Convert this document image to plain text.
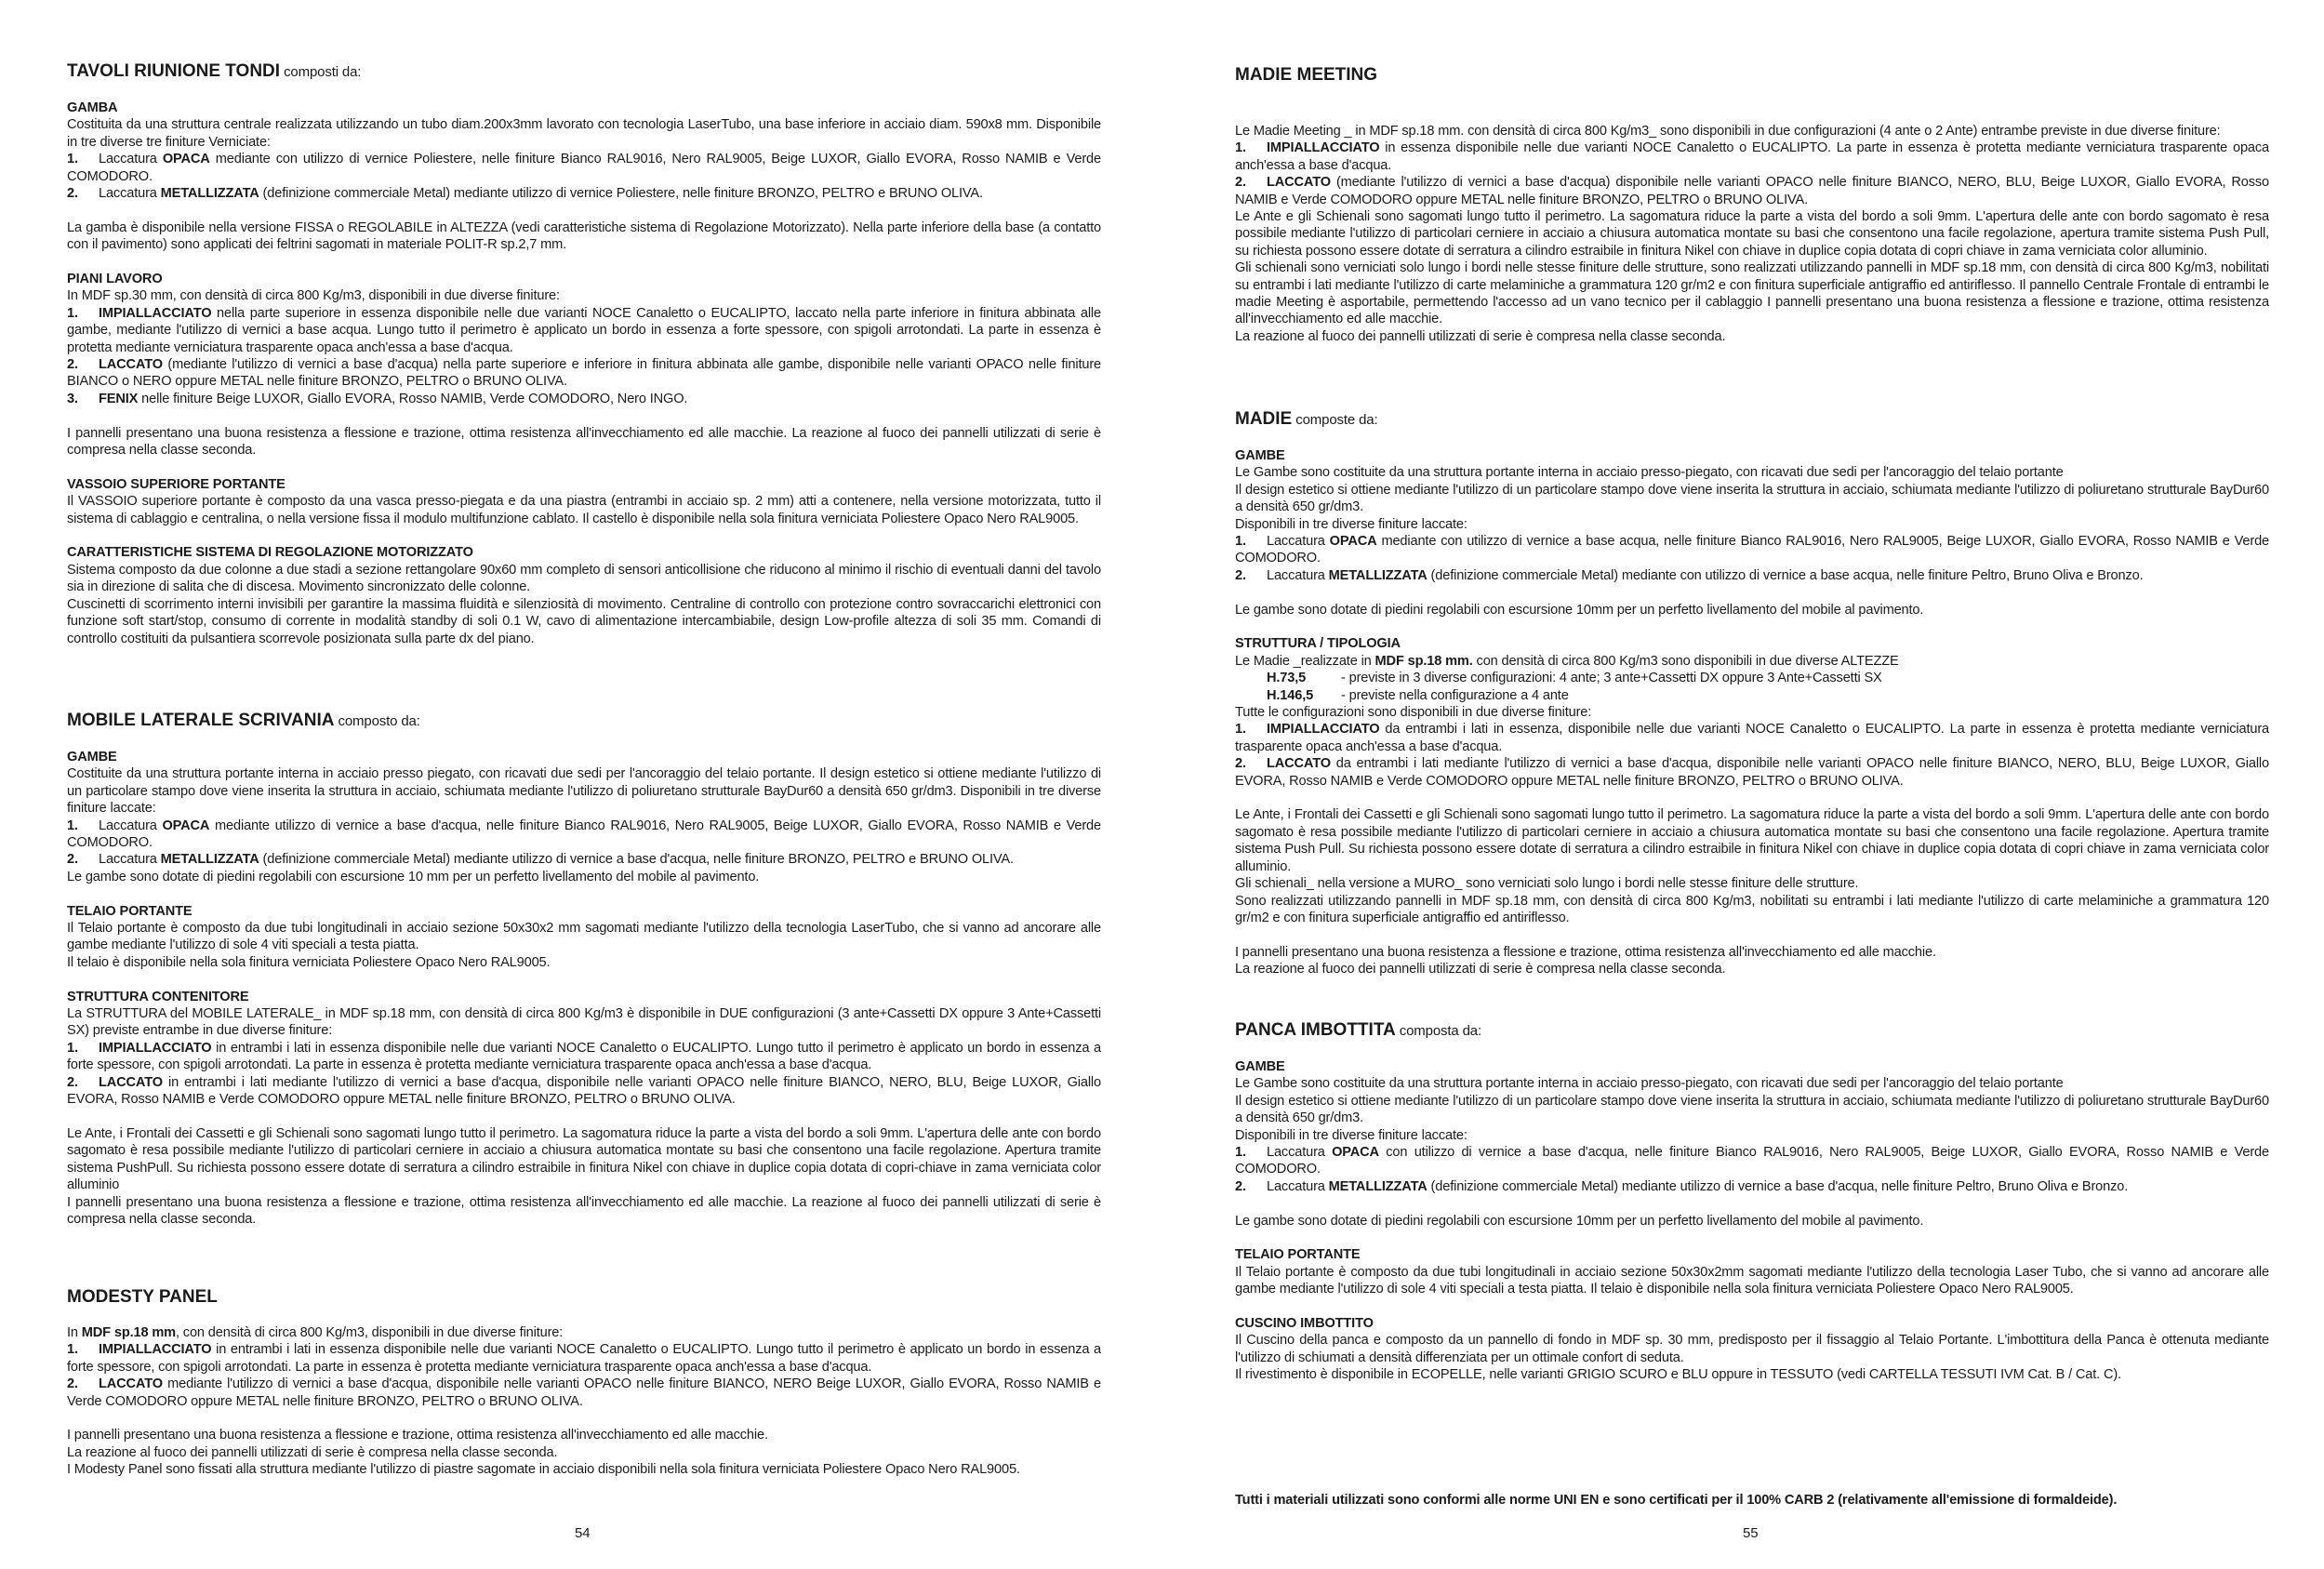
TAVOLI RIUNIONE TONDI composti da:
GAMBA
Costituita da una struttura centrale realizzata utilizzando un tubo diam.200x3mm lavorato con tecnologia LaserTubo, una base inferiore in acciaio diam. 590x8 mm. Disponibile in tre diverse tre finiture Verniciate:
1. Laccatura OPACA mediante con utilizzo di vernice Poliestere, nelle finiture Bianco RAL9016, Nero RAL9005, Beige LUXOR, Giallo EVORA, Rosso NAMIB e Verde COMODORO.
2. Laccatura METALLIZZATA (definizione commerciale Metal) mediante utilizzo di vernice Poliestere, nelle finiture BRONZO, PELTRO e BRUNO OLIVA.
La gamba è disponibile nella versione FISSA o REGOLABILE in ALTEZZA (vedi caratteristiche sistema di Regolazione Motorizzato). Nella parte inferiore della base (a contatto con il pavimento) sono applicati dei feltrini sagomati in materiale POLIT-R sp.2,7 mm.
PIANI LAVORO
In MDF sp.30 mm, con densità di circa 800 Kg/m3, disponibili in due diverse finiture:
1. IMPIALLACCIATO nella parte superiore in essenza disponibile nelle due varianti NOCE Canaletto o EUCALIPTO, laccato nella parte inferiore in finitura abbinata alle gambe, mediante l'utilizzo di vernici a base acqua. Lungo tutto il perimetro è applicato un bordo in essenza a forte spessore, con spigoli arrotondati. La parte in essenza è protetta mediante verniciatura trasparente opaca anch'essa a base d'acqua.
2. LACCATO (mediante l'utilizzo di vernici a base d'acqua) nella parte superiore e inferiore in finitura abbinata alle gambe, disponibile nelle varianti OPACO nelle finiture BIANCO o NERO oppure METAL nelle finiture BRONZO, PELTRO o BRUNO OLIVA.
3. FENIX nelle finiture Beige LUXOR, Giallo EVORA, Rosso NAMIB, Verde COMODORO, Nero INGO.
I pannelli presentano una buona resistenza a flessione e trazione, ottima resistenza all'invecchiamento ed alle macchie. La reazione al fuoco dei pannelli utilizzati di serie è compresa nella classe seconda.
VASSOIO SUPERIORE PORTANTE
Il VASSOIO superiore portante è composto da una vasca presso-piegata e da una piastra (entrambi in acciaio sp. 2 mm) atti a contenere, nella versione motorizzata, tutto il sistema di cablaggio e centralina, o nella versione fissa il modulo multifunzione cablato. Il castello è disponibile nella sola finitura verniciata Poliestere Opaco Nero RAL9005.
CARATTERISTICHE SISTEMA DI REGOLAZIONE MOTORIZZATO
Sistema composto da due colonne a due stadi a sezione rettangolare 90x60 mm completo di sensori anticollisione che riducono al minimo il rischio di eventuali danni del tavolo sia in direzione di salita che di discesa. Movimento sincronizzato delle colonne.
Cuscinetti di scorrimento interni invisibili per garantire la massima fluidità e silenziosità di movimento. Centraline di controllo con protezione contro sovraccarichi elettronici con funzione soft start/stop, consumo di corrente in modalità standby di soli 0.1 W, cavo di alimentazione intercambiabile, design Low-profile altezza di soli 35 mm. Comandi di controllo costituiti da pulsantiera scorrevole posizionata sulla parte dx del piano.
MOBILE LATERALE SCRIVANIA composto da:
GAMBE
Costituite da una struttura portante interna in acciaio presso piegato, con ricavati due sedi per l'ancoraggio del telaio portante. Il design estetico si ottiene mediante l'utilizzo di un particolare stampo dove viene inserita la struttura in acciaio, schiumata mediante l'utilizzo di poliuretano strutturale BayDur60 a densità 650 gr/dm3. Disponibili in tre diverse finiture laccate:
1. Laccatura OPACA mediante utilizzo di vernice a base d'acqua, nelle finiture Bianco RAL9016, Nero RAL9005, Beige LUXOR, Giallo EVORA, Rosso NAMIB e Verde COMODORO.
2. Laccatura METALLIZZATA (definizione commerciale Metal) mediante utilizzo di vernice a base d'acqua, nelle finiture BRONZO, PELTRO e BRUNO OLIVA.
Le gambe sono dotate di piedini regolabili con escursione 10 mm per un perfetto livellamento del mobile al pavimento.
TELAIO PORTANTE
Il Telaio portante è composto da due tubi longitudinali in acciaio sezione 50x30x2 mm sagomati mediante l'utilizzo della tecnologia LaserTubo, che si vanno ad ancorare alle gambe mediante l'utilizzo di sole 4 viti speciali a testa piatta.
Il telaio è disponibile nella sola finitura verniciata Poliestere Opaco Nero RAL9005.
STRUTTURA CONTENITORE
La STRUTTURA del MOBILE LATERALE_ in MDF sp.18 mm, con densità di circa 800 Kg/m3 è disponibile in DUE configurazioni (3 ante+Cassetti DX oppure 3 Ante+Cassetti SX) previste entrambe in due diverse finiture:
1. IMPIALLACCIATO in entrambi i lati in essenza disponibile nelle due varianti NOCE Canaletto o EUCALIPTO. Lungo tutto il perimetro è applicato un bordo in essenza a forte spessore, con spigoli arrotondati. La parte in essenza è protetta mediante verniciatura trasparente opaca anch'essa a base d'acqua.
2. LACCATO in entrambi i lati mediante l'utilizzo di vernici a base d'acqua, disponibile nelle varianti OPACO nelle finiture BIANCO, NERO, BLU, Beige LUXOR, Giallo EVORA, Rosso NAMIB e Verde COMODORO oppure METAL nelle finiture BRONZO, PELTRO o BRUNO OLIVA.
Le Ante, i Frontali dei Cassetti e gli Schienali sono sagomati lungo tutto il perimetro. La sagomatura riduce la parte a vista del bordo a soli 9mm. L'apertura delle ante con bordo sagomato è resa possibile mediante l'utilizzo di particolari cerniere in acciaio a chiusura automatica montate su basi che consentono una facile regolazione. Apertura tramite sistema PushPull. Su richiesta possono essere dotate di serratura a cilindro estraibile in finitura Nikel con chiave in duplice copia dotata di copri-chiave in zama verniciata color alluminio
I pannelli presentano una buona resistenza a flessione e trazione, ottima resistenza all'invecchiamento ed alle macchie. La reazione al fuoco dei pannelli utilizzati di serie è compresa nella classe seconda.
MODESTY PANEL
In MDF sp.18 mm, con densità di circa 800 Kg/m3, disponibili in due diverse finiture:
1. IMPIALLACCIATO in entrambi i lati in essenza disponibile nelle due varianti NOCE Canaletto o EUCALIPTO. Lungo tutto il perimetro è applicato un bordo in essenza a forte spessore, con spigoli arrotondati. La parte in essenza è protetta mediante verniciatura trasparente opaca anch'essa a base d'acqua.
2. LACCATO mediante l'utilizzo di vernici a base d'acqua, disponibile nelle varianti OPACO nelle finiture BIANCO, NERO Beige LUXOR, Giallo EVORA, Rosso NAMIB e Verde COMODORO oppure METAL nelle finiture BRONZO, PELTRO o BRUNO OLIVA.
I pannelli presentano una buona resistenza a flessione e trazione, ottima resistenza all'invecchiamento ed alle macchie.
La reazione al fuoco dei pannelli utilizzati di serie è compresa nella classe seconda.
I Modesty Panel sono fissati alla struttura mediante l'utilizzo di piastre sagomate in acciaio disponibili nella sola finitura verniciata Poliestere Opaco Nero RAL9005.
MADIE MEETING
Le Madie Meeting _ in MDF sp.18 mm. con densità di circa 800 Kg/m3_ sono disponibili in due configurazioni (4 ante o 2 Ante) entrambe previste in due diverse finiture:
1. IMPIALLACCIATO in essenza disponibile nelle due varianti NOCE Canaletto o EUCALIPTO. La parte in essenza è protetta mediante verniciatura trasparente opaca anch'essa a base d'acqua.
2. LACCATO (mediante l'utilizzo di vernici a base d'acqua) disponibile nelle varianti OPACO nelle finiture BIANCO, NERO, BLU, Beige LUXOR, Giallo EVORA, Rosso NAMIB e Verde COMODORO oppure METAL nelle finiture BRONZO, PELTRO o BRUNO OLIVA.
Le Ante e gli Schienali sono sagomati lungo tutto il perimetro. La sagomatura riduce la parte a vista del bordo a soli 9mm. L'apertura delle ante con bordo sagomato è resa possibile mediante l'utilizzo di particolari cerniere in acciaio a chiusura automatica montate su basi che consentono una facile regolazione, apertura tramite sistema Push Pull, su richiesta possono essere dotate di serratura a cilindro estraibile in finitura Nikel con chiave in duplice copia dotata di copri chiave in zama verniciata color alluminio.
Gli schienali sono verniciati solo lungo i bordi nelle stesse finiture delle strutture, sono realizzati utilizzando pannelli in MDF sp.18 mm, con densità di circa 800 Kg/m3, nobilitati su entrambi i lati mediante l'utilizzo di carte melaminiche a grammatura 120 gr/m2 e con finitura superficiale antigraffio ed antiriflesso. Il pannello Centrale Frontale di entrambi le madie Meeting è asportabile, permettendo l'accesso ad un vano tecnico per il cablaggio I pannelli presentano una buona resistenza a flessione e trazione, ottima resistenza all'invecchiamento ed alle macchie.
La reazione al fuoco dei pannelli utilizzati di serie è compresa nella classe seconda.
MADIE composte da:
GAMBE
Le Gambe sono costituite da una struttura portante interna in acciaio presso-piegato, con ricavati due sedi per l'ancoraggio del telaio portante
Il design estetico si ottiene mediante l'utilizzo di un particolare stampo dove viene inserita la struttura in acciaio, schiumata mediante l'utilizzo di poliuretano strutturale BayDur60 a densità 650 gr/dm3.
Disponibili in tre diverse finiture laccate:
1. Laccatura OPACA mediante con utilizzo di vernice a base acqua, nelle finiture Bianco RAL9016, Nero RAL9005, Beige LUXOR, Giallo EVORA, Rosso NAMIB e Verde COMODORO.
2. Laccatura METALLIZZATA (definizione commerciale Metal) mediante con utilizzo di vernice a base acqua, nelle finiture Peltro, Bruno Oliva e Bronzo.
Le gambe sono dotate di piedini regolabili con escursione 10mm per un perfetto livellamento del mobile al pavimento.
STRUTTURA / TIPOLOGIA
Le Madie _realizzate in MDF sp.18 mm. con densità di circa 800 Kg/m3 sono disponibili in due diverse ALTEZZE
H.73,5	- previste in 3 diverse configurazioni: 4 ante; 3 ante+Cassetti DX oppure 3 Ante+Cassetti SX
H.146,5 - previste nella configurazione a 4 ante
Tutte le configurazioni sono disponibili in due diverse finiture:
1. IMPIALLACCIATO da entrambi i lati in essenza, disponibile nelle due varianti NOCE Canaletto o EUCALIPTO. La parte in essenza è protetta mediante verniciatura trasparente opaca anch'essa a base d'acqua.
2. LACCATO da entrambi i lati mediante l'utilizzo di vernici a base d'acqua, disponibile nelle varianti OPACO nelle finiture BIANCO, NERO, BLU, Beige LUXOR, Giallo EVORA, Rosso NAMIB e Verde COMODORO oppure METAL nelle finiture BRONZO, PELTRO o BRUNO OLIVA.
Le Ante, i Frontali dei Cassetti e gli Schienali sono sagomati lungo tutto il perimetro. La sagomatura riduce la parte a vista del bordo a soli 9mm. L'apertura delle ante con bordo sagomato è resa possibile mediante l'utilizzo di particolari cerniere in acciaio a chiusura automatica montate su basi che consentono una facile regolazione. Apertura tramite sistema Push Pull. Su richiesta possono essere dotate di serratura a cilindro estraibile in finitura Nikel con chiave in duplice copia dotata di copri chiave in zama verniciata color alluminio.
Gli schienali_ nella versione a MURO_ sono verniciati solo lungo i bordi nelle stesse finiture delle strutture.
Sono realizzati utilizzando pannelli in MDF sp.18 mm, con densità di circa 800 Kg/m3, nobilitati su entrambi i lati mediante l'utilizzo di carte melaminiche a grammatura 120 gr/m2 e con finitura superficiale antigraffio ed antiriflesso.
I pannelli presentano una buona resistenza a flessione e trazione, ottima resistenza all'invecchiamento ed alle macchie.
La reazione al fuoco dei pannelli utilizzati di serie è compresa nella classe seconda.
PANCA IMBOTTITA composta da:
GAMBE
Le Gambe sono costituite da una struttura portante interna in acciaio presso-piegato, con ricavati due sedi per l'ancoraggio del telaio portante
Il design estetico si ottiene mediante l'utilizzo di un particolare stampo dove viene inserita la struttura in acciaio, schiumata mediante l'utilizzo di poliuretano strutturale BayDur60 a densità 650 gr/dm3.
Disponibili in tre diverse finiture laccate:
1. Laccatura OPACA con utilizzo di vernice a base d'acqua, nelle finiture Bianco RAL9016, Nero RAL9005, Beige LUXOR, Giallo EVORA, Rosso NAMIB e Verde COMODORO.
2. Laccatura METALLIZZATA (definizione commerciale Metal) mediante utilizzo di vernice a base d'acqua, nelle finiture Peltro, Bruno Oliva e Bronzo.
Le gambe sono dotate di piedini regolabili con escursione 10mm per un perfetto livellamento del mobile al pavimento.
TELAIO PORTANTE
Il Telaio portante è composto da due tubi longitudinali in acciaio sezione 50x30x2mm sagomati mediante l'utilizzo della tecnologia Laser Tubo, che si vanno ad ancorare alle gambe mediante l'utilizzo di sole 4 viti speciali a testa piatta. Il telaio è disponibile nella sola finitura verniciata Poliestere Opaco Nero RAL9005.
CUSCINO IMBOTTITO
Il Cuscino della panca e composto da un pannello di fondo in MDF sp. 30 mm, predisposto per il fissaggio al Telaio Portante. L'imbottitura della Panca è ottenuta mediante l'utilizzo di schiumati a densità differenziata per un ottimale confort di seduta.
Il rivestimento è disponibile in ECOPELLE, nelle varianti GRIGIO SCURO e BLU oppure in TESSUTO (vedi CARTELLA TESSUTI IVM Cat. B / Cat. C).
Tutti i materiali utilizzati sono conformi alle norme UNI EN e sono certificati per il 100% CARB 2 (relativamente all'emissione di formaldeide).
54	55
